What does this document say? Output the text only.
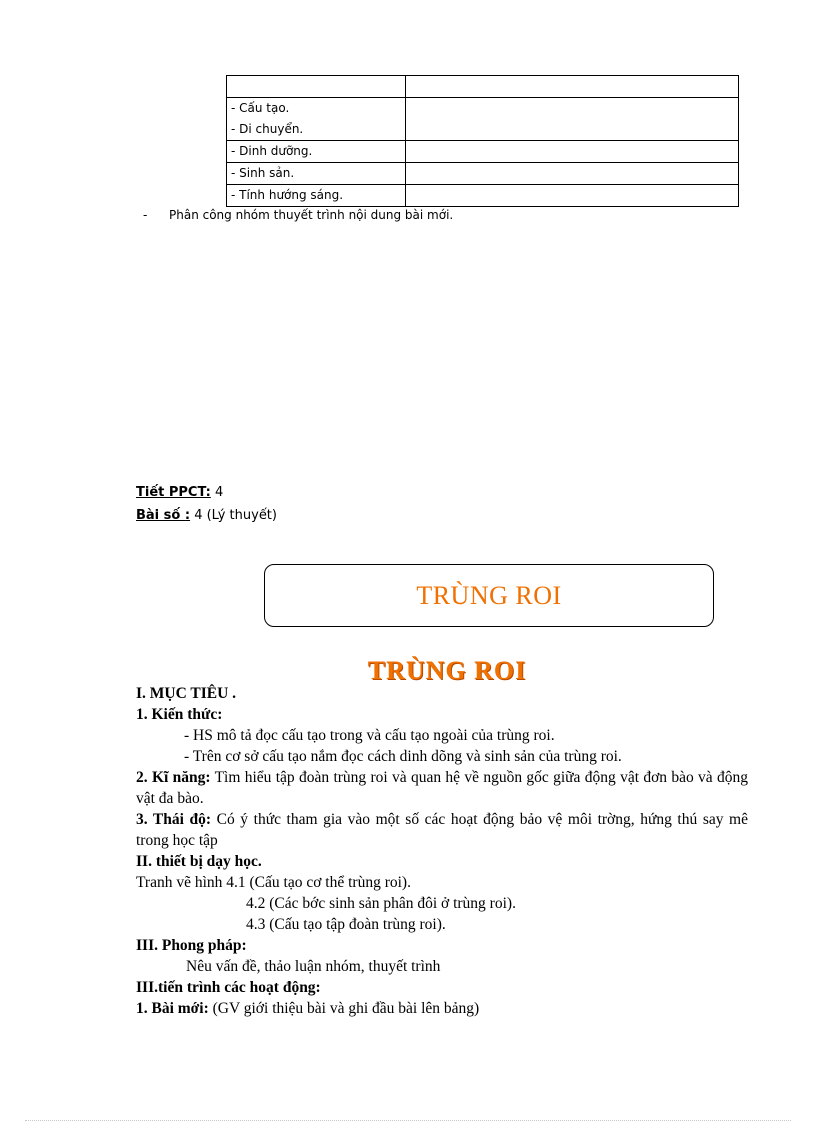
- Cấu tạo.
- Di chuyển.	

- Dinh dưỡng.	
- Sinh sản.	
- Tính hướng sáng.	
- Phân công nhóm thuyết trình nội dung bài mới.
Tiết PPCT: 4
Bài số : 4 (Lý thuyết)
TRÙNG ROI
TRÙNG ROI

I. MỤC TIÊU .

1. Kiến thức:

- HS mô tả đọc cấu tạo trong và cấu tạo ngoài của trùng roi.

- Trên cơ sở cấu tạo nắm đọc cách dinh dõng và sinh sản của trùng roi.

2. Kĩ năng: Tìm hiểu tập đoàn trùng roi và quan hệ về nguồn gốc giữa động vật đơn bào và động vật đa bào.

3. Thái độ: Có ý thức tham gia vào một số các hoạt động bảo vệ môi trờng, hứng thú say mê trong học tập

II. thiết bị dạy học.

Tranh vẽ hình 4.1 (Cấu tạo cơ thể trùng roi).

4.2 (Các bớc sinh sản phân đôi ở trùng roi).

4.3 (Cấu tạo tập đoàn trùng roi).

III. Phong pháp:

Nêu vấn đề, thảo luận nhóm, thuyết trình

III.tiến trình các hoạt động:

1. Bài mới: (GV giới thiệu bài và ghi đầu bài lên bảng)
